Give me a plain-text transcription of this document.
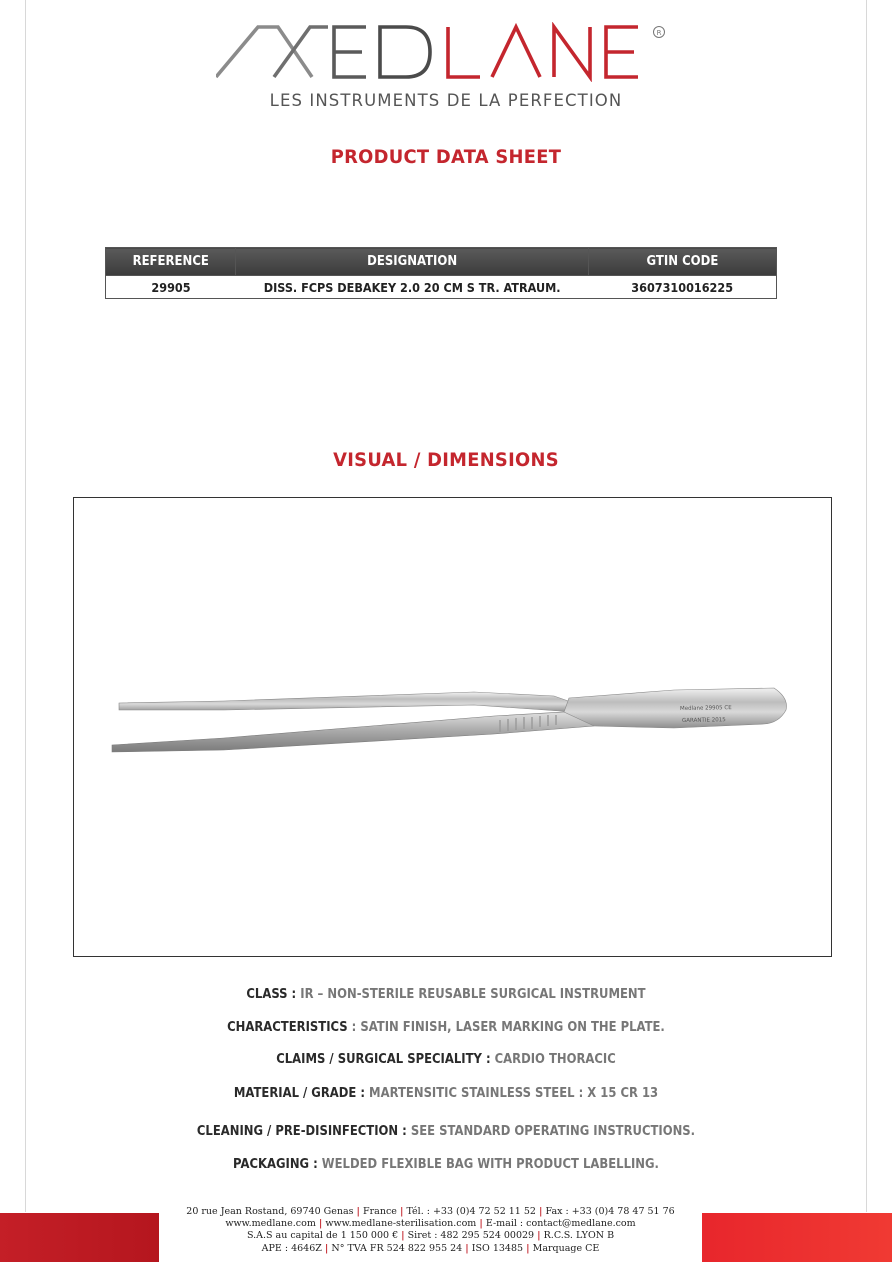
R
LES INSTRUMENTS DE LA PERFECTION
PRODUCT DATA SHEET
REFERENCE	DESIGNATION	GTIN CODE
29905	DISS. FCPS DEBAKEY 2.0 20 CM S TR. ATRAUM.	3607310016225
VISUAL / DIMENSIONS
Medlane 29905 CE
GARANTIE 2015
CLASS : IR – NON-STERILE REUSABLE SURGICAL INSTRUMENT
CHARACTERISTICS : SATIN FINISH, LASER MARKING ON THE PLATE.
CLAIMS / SURGICAL SPECIALITY : CARDIO THORACIC
MATERIAL / GRADE : MARTENSITIC STAINLESS STEEL : X 15 CR 13
CLEANING / PRE-DISINFECTION : SEE STANDARD OPERATING INSTRUCTIONS.
PACKAGING : WELDED FLEXIBLE BAG WITH PRODUCT LABELLING.
20 rue Jean Rostand, 69740 Genas | France | Tél. : +33 (0)4 72 52 11 52 | Fax : +33 (0)4 78 47 51 76
www.medlane.com | www.medlane-sterilisation.com | E-mail : contact@medlane.com
S.A.S au capital de 1 150 000 € | Siret : 482 295 524 00029 | R.C.S. LYON B
APE : 4646Z | N° TVA FR 524 822 955 24 | ISO 13485 | Marquage CE
